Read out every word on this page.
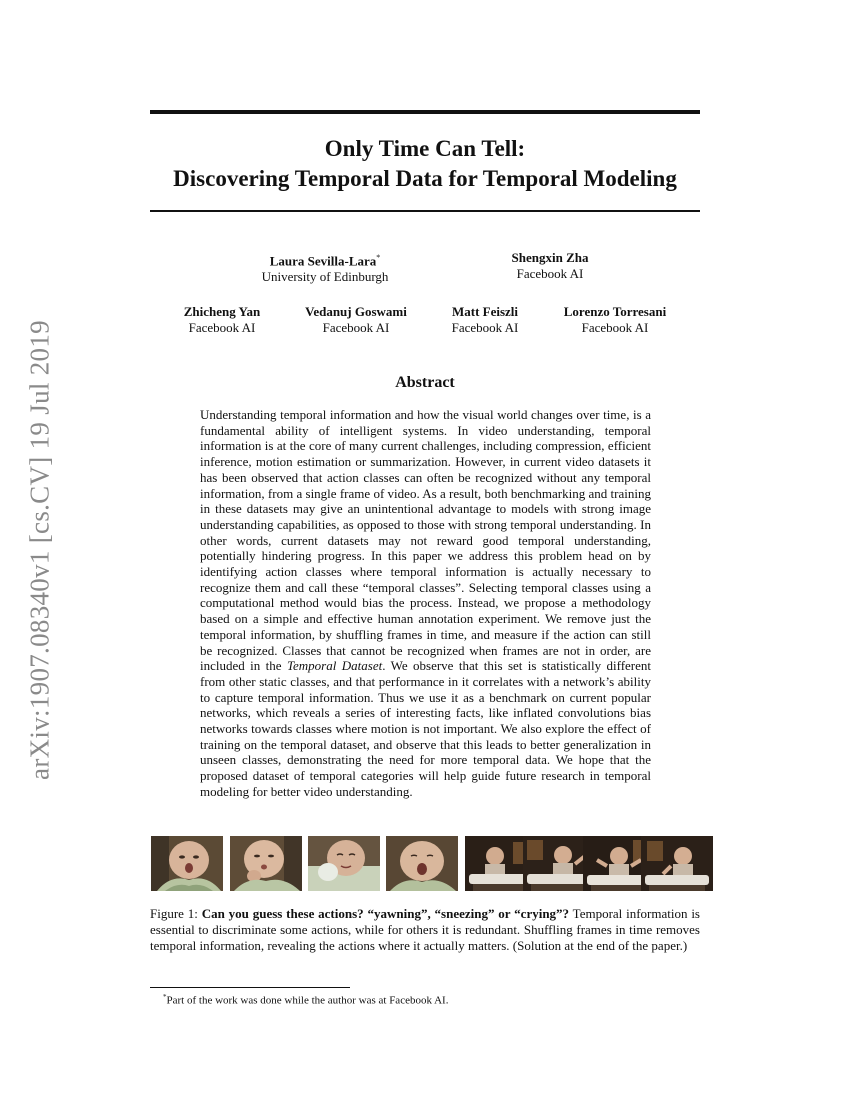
arXiv:1907.08340v1 [cs.CV] 19 Jul 2019
Only Time Can Tell:
Discovering Temporal Data for Temporal Modeling
Laura Sevilla-Lara*
University of Edinburgh
Shengxin Zha
Facebook AI
Zhicheng Yan
Facebook AI
Vedanuj Goswami
Facebook AI
Matt Feiszli
Facebook AI
Lorenzo Torresani
Facebook AI
Abstract
Understanding temporal information and how the visual world changes over time, is a fundamental ability of intelligent systems. In video understanding, temporal information is at the core of many current challenges, including compression, efficient inference, motion estimation or summarization. However, in current video datasets it has been observed that action classes can often be recognized without any temporal information, from a single frame of video. As a result, both benchmarking and training in these datasets may give an unintentional advantage to models with strong image understanding capabilities, as opposed to those with strong temporal understanding. In other words, current datasets may not reward good temporal understanding, potentially hindering progress. In this paper we address this problem head on by identifying action classes where temporal information is actually necessary to recognize them and call these “temporal classes”. Selecting temporal classes using a computational method would bias the process. Instead, we propose a methodology based on a simple and effective human annotation experiment. We remove just the temporal information, by shuffling frames in time, and measure if the action can still be recognized. Classes that cannot be recognized when frames are not in order, are included in the Temporal Dataset. We observe that this set is statistically different from other static classes, and that performance in it correlates with a network’s ability to capture temporal information. Thus we use it as a benchmark on current popular networks, which reveals a series of interesting facts, like inflated convolutions bias networks towards classes where motion is not important. We also explore the effect of training on the temporal dataset, and observe that this leads to better generalization in unseen classes, demonstrating the need for more temporal data. We hope that the proposed dataset of temporal categories will help guide future research in temporal modeling for better video understanding.
Figure 1: Can you guess these actions? “yawning”, “sneezing” or “crying”? Temporal information is essential to discriminate some actions, while for others it is redundant. Shuffling frames in time removes temporal information, revealing the actions where it actually matters. (Solution at the end of the paper.)
*Part of the work was done while the author was at Facebook AI.
